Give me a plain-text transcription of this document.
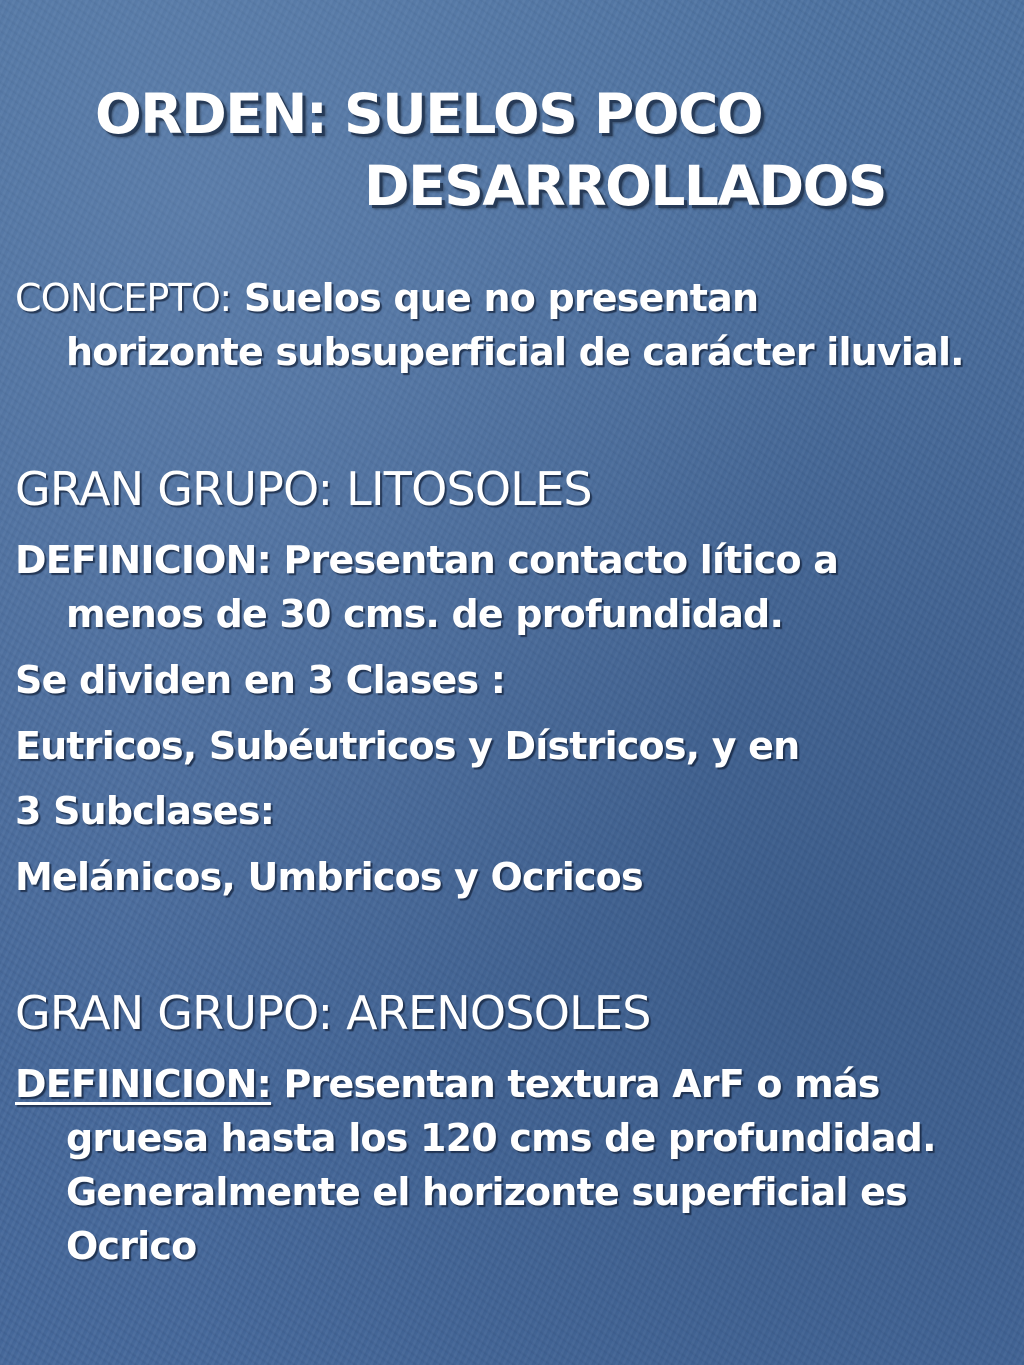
ORDEN: SUELOS POCO
DESARROLLADOS
CONCEPTO: Suelos que no presentan
horizonte subsuperficial de carácter iluvial.
GRAN GRUPO: LITOSOLES
DEFINICION: Presentan contacto lítico a
menos de 30 cms. de profundidad.
Se dividen en 3 Clases :
Eutricos, Subéutricos y Dístricos, y en
3 Subclases:
Melánicos, Umbricos y Ocricos
GRAN GRUPO: ARENOSOLES
DEFINICION: Presentan textura ArF o más
gruesa hasta los 120 cms de profundidad.
Generalmente el horizonte superficial es
Ocrico
